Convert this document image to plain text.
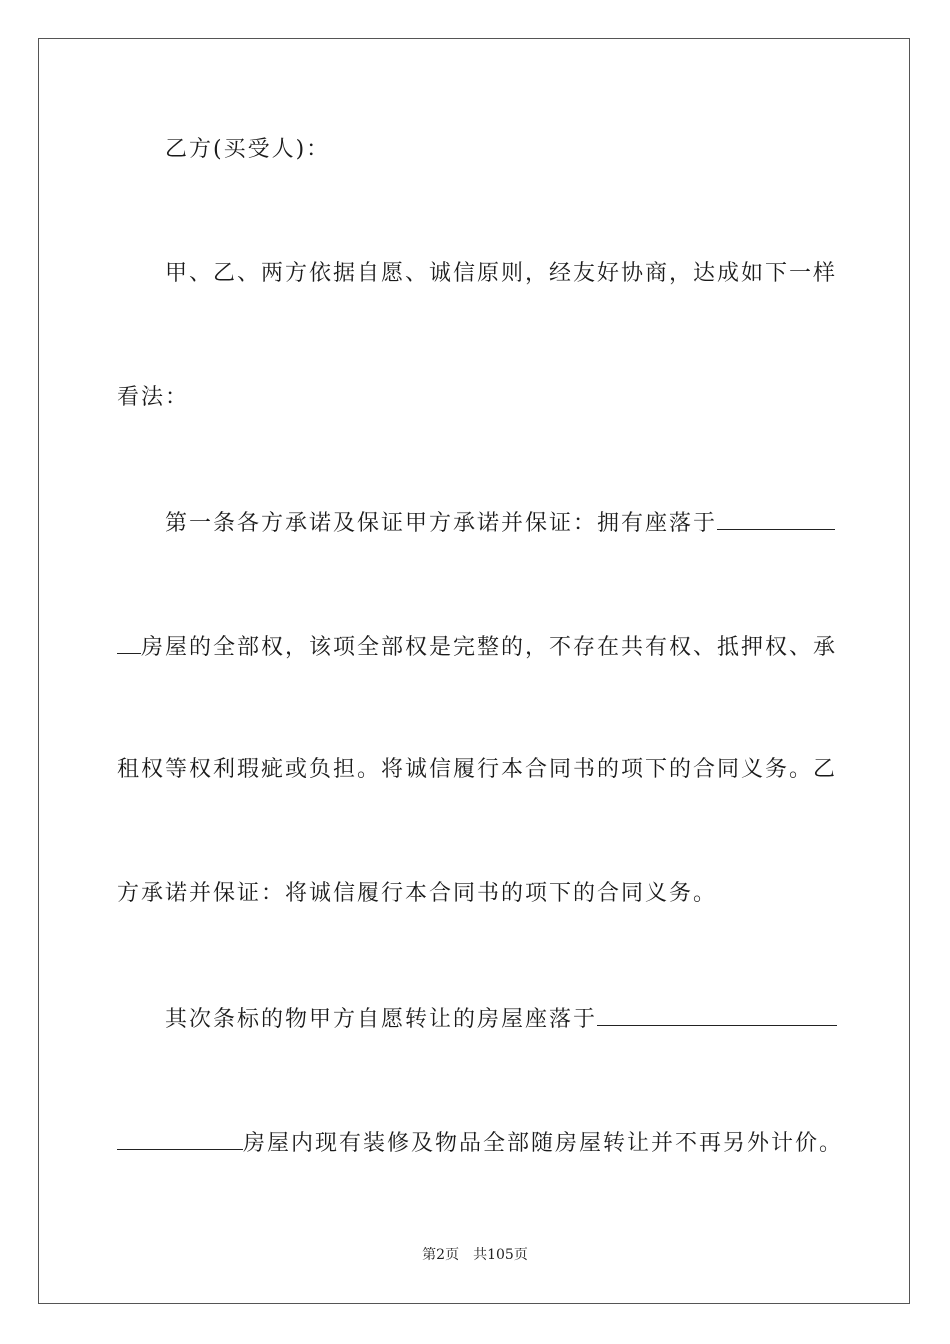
乙方(买受人)：
甲、乙、两方依据自愿、诚信原则，经友好协商，达成如下一样
看法：
第一条各方承诺及保证甲方承诺并保证：拥有座落于
房屋的全部权，该项全部权是完整的，不存在共有权、抵押权、承
租权等权利瑕疵或负担。将诚信履行本合同书的项下的合同义务。乙
方承诺并保证：将诚信履行本合同书的项下的合同义务。
其次条标的物甲方自愿转让的房屋座落于
房屋内现有装修及物品全部随房屋转让并不再另外计价。
第2页 共105页
